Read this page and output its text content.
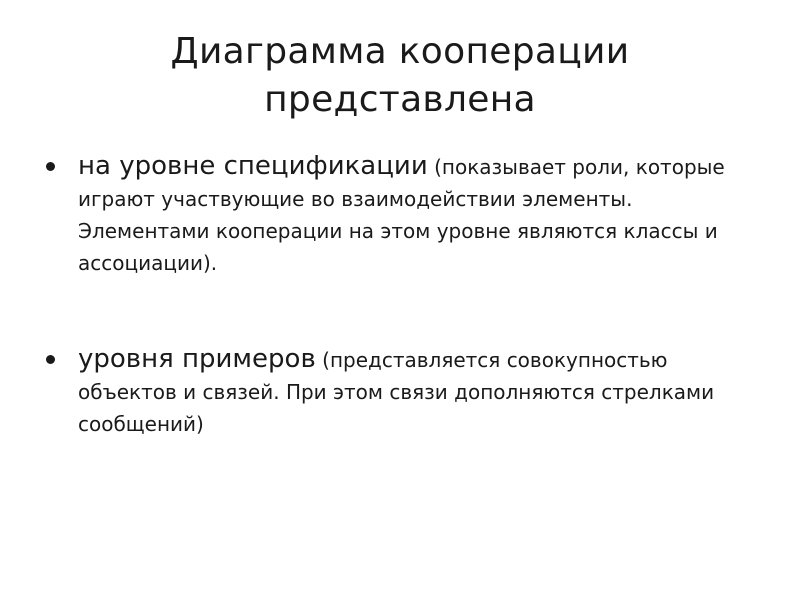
Диаграмма кооперации
представлена
на уровне спецификации (показывает роли, которые играют участвующие во взаимодействии элементы. Элементами кооперации на этом уровне являются классы и ассоциации).
уровня примеров (представляется совокупностью объектов и связей. При этом связи дополняются стрелками сообщений)
